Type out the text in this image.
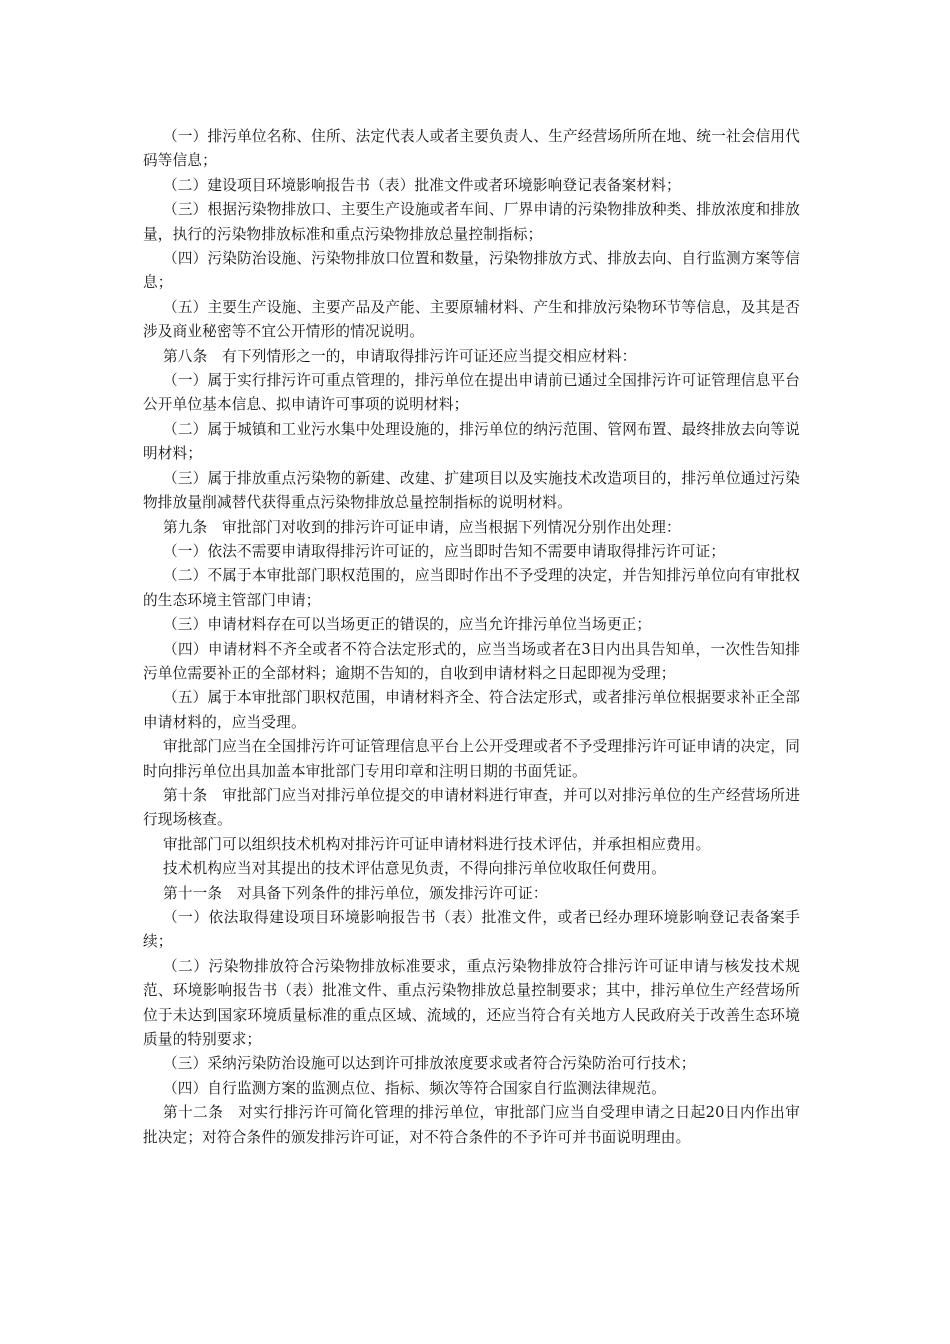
（一）排污单位名称、住所、法定代表人或者主要负责人、生产经营场所所在地、统一社会信用代码等信息；

（二）建设项目环境影响报告书（表）批准文件或者环境影响登记表备案材料；

（三）根据污染物排放口、主要生产设施或者车间、厂界申请的污染物排放种类、排放浓度和排放量，执行的污染物排放标准和重点污染物排放总量控制指标；

（四）污染防治设施、污染物排放口位置和数量，污染物排放方式、排放去向、自行监测方案等信息；

（五）主要生产设施、主要产品及产能、主要原辅材料、产生和排放污染物环节等信息，及其是否涉及商业秘密等不宜公开情形的情况说明。

第八条　有下列情形之一的，申请取得排污许可证还应当提交相应材料：

（一）属于实行排污许可重点管理的，排污单位在提出申请前已通过全国排污许可证管理信息平台公开单位基本信息、拟申请许可事项的说明材料；

（二）属于城镇和工业污水集中处理设施的，排污单位的纳污范围、管网布置、最终排放去向等说明材料；

（三）属于排放重点污染物的新建、改建、扩建项目以及实施技术改造项目的，排污单位通过污染物排放量削减替代获得重点污染物排放总量控制指标的说明材料。

第九条　审批部门对收到的排污许可证申请，应当根据下列情况分别作出处理：

（一）依法不需要申请取得排污许可证的，应当即时告知不需要申请取得排污许可证；

（二）不属于本审批部门职权范围的，应当即时作出不予受理的决定，并告知排污单位向有审批权的生态环境主管部门申请；

（三）申请材料存在可以当场更正的错误的，应当允许排污单位当场更正；

（四）申请材料不齐全或者不符合法定形式的，应当当场或者在3日内出具告知单，一次性告知排污单位需要补正的全部材料；逾期不告知的，自收到申请材料之日起即视为受理；

（五）属于本审批部门职权范围，申请材料齐全、符合法定形式，或者排污单位根据要求补正全部申请材料的，应当受理。

审批部门应当在全国排污许可证管理信息平台上公开受理或者不予受理排污许可证申请的决定，同时向排污单位出具加盖本审批部门专用印章和注明日期的书面凭证。

第十条　审批部门应当对排污单位提交的申请材料进行审查，并可以对排污单位的生产经营场所进行现场核查。

审批部门可以组织技术机构对排污许可证申请材料进行技术评估，并承担相应费用。

技术机构应当对其提出的技术评估意见负责，不得向排污单位收取任何费用。

第十一条　对具备下列条件的排污单位，颁发排污许可证：

（一）依法取得建设项目环境影响报告书（表）批准文件，或者已经办理环境影响登记表备案手续；

（二）污染物排放符合污染物排放标准要求，重点污染物排放符合排污许可证申请与核发技术规范、环境影响报告书（表）批准文件、重点污染物排放总量控制要求；其中，排污单位生产经营场所位于未达到国家环境质量标准的重点区域、流域的，还应当符合有关地方人民政府关于改善生态环境质量的特别要求；

（三）采纳污染防治设施可以达到许可排放浓度要求或者符合污染防治可行技术；

（四）自行监测方案的监测点位、指标、频次等符合国家自行监测法律规范。

第十二条　对实行排污许可简化管理的排污单位，审批部门应当自受理申请之日起20日内作出审批决定；对符合条件的颁发排污许可证，对不符合条件的不予许可并书面说明理由。
